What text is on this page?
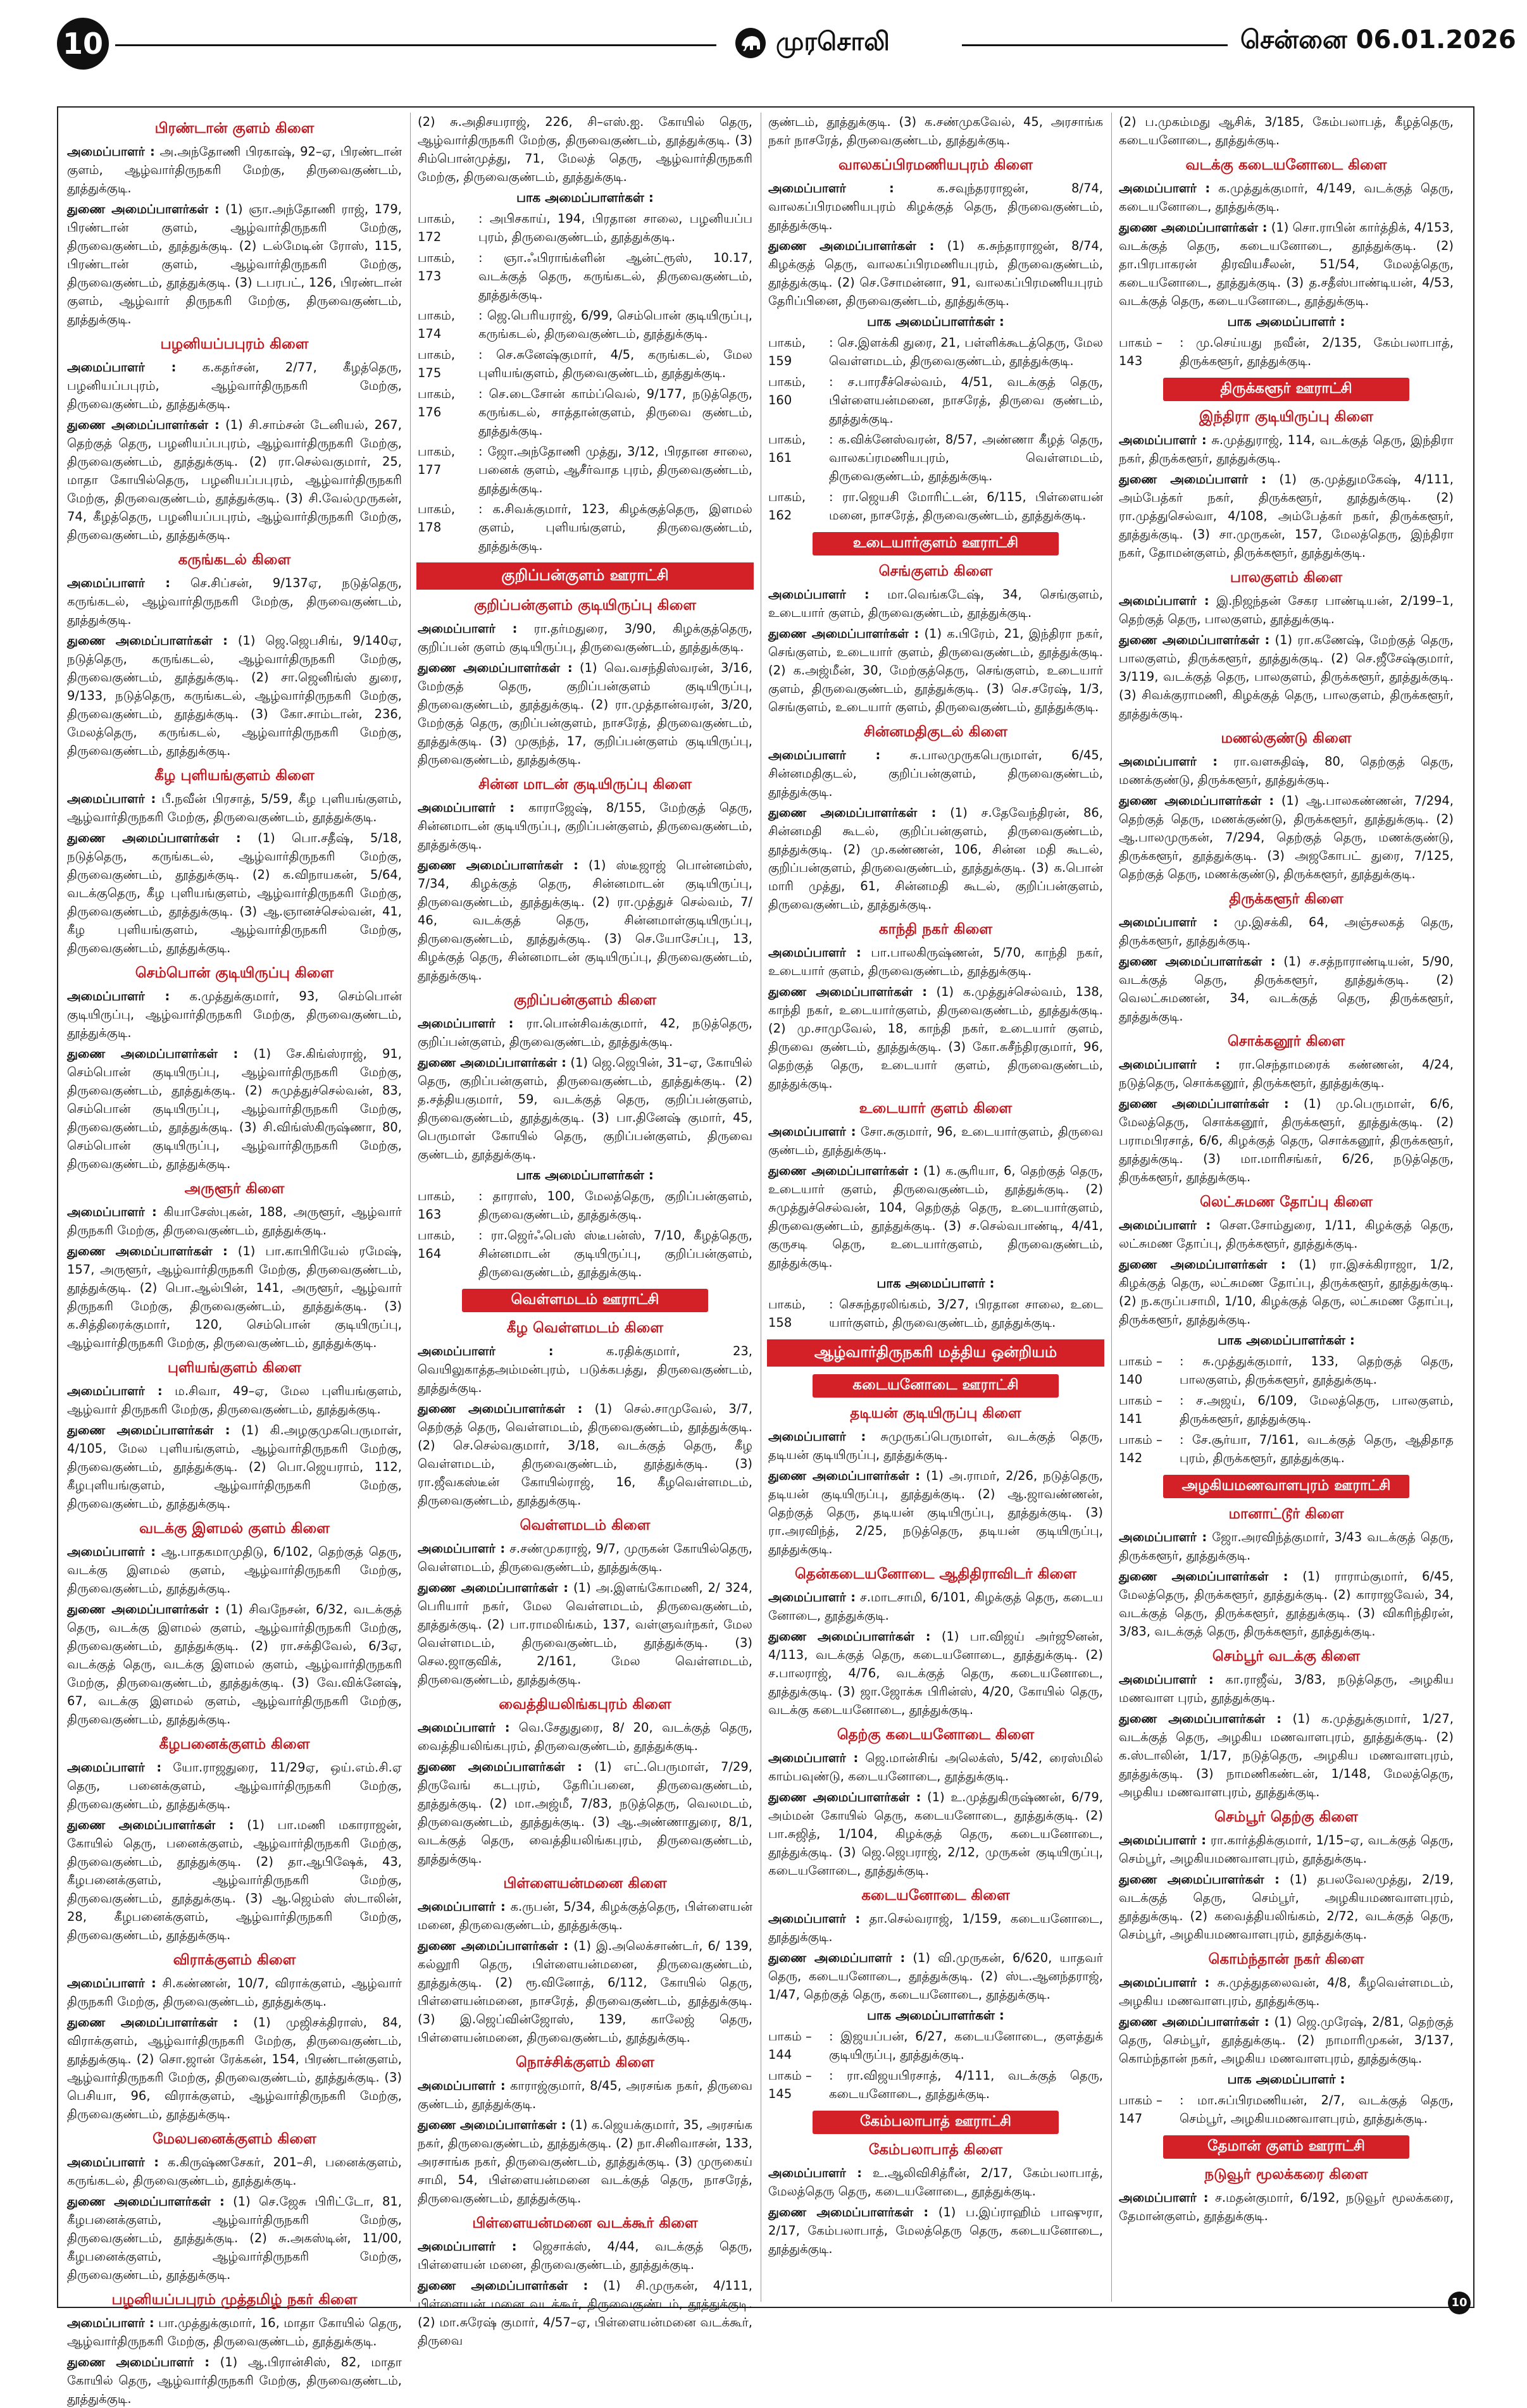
10	முரசொலி	சென்னை 06.01.2026
பிரண்டான் குளம் கிளை
அமைப்பாளர் : அ.அந்தோணி பிரகாஷ், 92–ஏ, பிரண்டான் குளம், ஆழ்வார்திருநகரி மேற்கு, திருவைகுண்டம், தூத்துக்குடி.
துணை அமைப்பாளர்கள் : (1) ஞா.அந்தோணி ராஜ், 179, பிரண்டான் குளம், ஆழ்வார்திருநகரி மேற்கு, திருவைகுண்டம், தூத்துக்குடி. (2) டல்மேடின் ரோஸ், 115, பிரண்டான் குளம், ஆழ்வார்திருநகரி மேற்கு, திருவைகுண்டம், தூத்துக்குடி. (3) டபரபட், 126, பிரண்டான் குளம், ஆழ்வார் திருநகரி மேற்கு, திருவைகுண்டம், தூத்துக்குடி.
பழனியப்பபுரம் கிளை
அமைப்பாளர் : க.கதர்சன், 2/77, கீழத்தெரு, பழனியப்பபுரம், ஆழ்வார்திருநகரி மேற்கு, திருவைகுண்டம், தூத்துக்குடி.
துணை அமைப்பாளர்கள் : (1) சி.சாம்சன் டேனியல், 267, தெற்குத் தெரு, பழனியப்பபுரம், ஆழ்வார்திருநகரி மேற்கு, திருவைகுண்டம், தூத்துக்குடி. (2) ரா.செல்வகுமார், 25, மாதா கோயில்தெரு, பழனியப்பபுரம், ஆழ்வார்திருநகரி மேற்கு, திருவைகுண்டம், தூத்துக்குடி. (3) சி.வேல்முருகன், 74, கீழத்தெரு, பழனியப்பபுரம், ஆழ்வார்திருநகரி மேற்கு, திருவைகுண்டம், தூத்துக்குடி.
கருங்கடல் கிளை
அமைப்பாளர் : செ.சிப்சன், 9/137ஏ, நடுத்தெரு, கருங்கடல், ஆழ்வார்திருநகரி மேற்கு, திருவைகுண்டம், தூத்துக்குடி.
துணை அமைப்பாளர்கள் : (1) ஜெ.ஜெபசிங், 9/140ஏ, நடுத்தெரு, கருங்கடல், ஆழ்வார்திருநகரி மேற்கு, திருவைகுண்டம், தூத்துக்குடி. (2) சா.ஜெனிங்ஸ் துரை, 9/133, நடுத்தெரு, கருங்கடல், ஆழ்வார்திருநகரி மேற்கு, திருவைகுண்டம், தூத்துக்குடி. (3) கோ.சாம்டான், 236, மேலத்தெரு, கருங்கடல், ஆழ்வார்திருநகரி மேற்கு, திருவைகுண்டம், தூத்துக்குடி.
கீழ புளியங்குளம் கிளை
அமைப்பாளர் : பீ.நவீன் பிரசாத், 5/59, கீழ புளியங்குளம், ஆழ்வார்திருநகரி மேற்கு, திருவைகுண்டம், தூத்துக்குடி.
துணை அமைப்பாளர்கள் : (1) பொ.சதீஷ், 5/18, நடுத்தெரு, கருங்கடல், ஆழ்வார்திருநகரி மேற்கு, திருவைகுண்டம், தூத்துக்குடி. (2) க.விநாயகன், 5/64, வடக்குதெரு, கீழ புளியங்குளம், ஆழ்வார்திருநகரி மேற்கு, திருவைகுண்டம், தூத்துக்குடி. (3) ஆ.ஞானச்செல்வன், 41, கீழ புளியங்குளம், ஆழ்வார்திருநகரி மேற்கு, திருவைகுண்டம், தூத்துக்குடி.
செம்பொன் குடியிருப்பு கிளை
அமைப்பாளர் : க.முத்துக்குமார், 93, செம்பொன் குடியிருப்பு, ஆழ்வார்திருநகரி மேற்கு, திருவைகுண்டம், தூத்துக்குடி.
துணை அமைப்பாளர்கள் : (1) சே.கிங்ஸ்ராஜ், 91, செம்பொன் குடியிருப்பு, ஆழ்வார்திருநகரி மேற்கு, திருவைகுண்டம், தூத்துக்குடி. (2) சுமுத்துச்செல்வன், 83, செம்பொன் குடியிருப்பு, ஆழ்வார்திருநகரி மேற்கு, திருவைகுண்டம், தூத்துக்குடி. (3) சி.விங்ஸ்கிருஷ்ணா, 80, செம்பொன் குடியிருப்பு, ஆழ்வார்திருநகரி மேற்கு, திருவைகுண்டம், தூத்துக்குடி.
அருளூர் கிளை
அமைப்பாளர் : கியாசேஸ்புகன், 188, அருளூர், ஆழ்வார் திருநகரி மேற்கு, திருவைகுண்டம், தூத்துக்குடி.
துணை அமைப்பாளர்கள் : (1) பா.காபிரியேல் ரமேஷ், 157, அருளூர், ஆழ்வார்திருநகரி மேற்கு, திருவைகுண்டம், தூத்துக்குடி. (2) பொ.ஆல்பின், 141, அருளூர், ஆழ்வார் திருநகரி மேற்கு, திருவைகுண்டம், தூத்துக்குடி. (3) க.சித்திரைக்குமார், 120, செம்பொன் குடியிருப்பு, ஆழ்வார்திருநகரி மேற்கு, திருவைகுண்டம், தூத்துக்குடி.
புளியங்குளம் கிளை
அமைப்பாளர் : ம.சிவா, 49–ஏ, மேல புளியங்குளம், ஆழ்வார் திருநகரி மேற்கு, திருவைகுண்டம், தூத்துக்குடி.
துணை அமைப்பாளர்கள் : (1) கி.அழகுமுகபெருமாள், 4/105, மேல புளியங்குளம், ஆழ்வார்திருநகரி மேற்கு, திருவைகுண்டம், தூத்துக்குடி. (2) பொ.ஜெயராம், 112, கீழபுளியங்குளம், ஆழ்வார்திருநகரி மேற்கு, திருவைகுண்டம், தூத்துக்குடி.
வடக்கு இளமல் குளம் கிளை
அமைப்பாளர் : ஆ.பாதகமாமுதிடு, 6/102, தெற்குத் தெரு, வடக்கு இளமல் குளம், ஆழ்வார்திருநகரி மேற்கு, திருவைகுண்டம், தூத்துக்குடி.
துணை அமைப்பாளர்கள் : (1) சிவநேசன், 6/32, வடக்குத் தெரு, வடக்கு இளமல் குளம், ஆழ்வார்திருநகரி மேற்கு, திருவைகுண்டம், தூத்துக்குடி. (2) ரா.சக்திவேல், 6/3ஏ, வடக்குத் தெரு, வடக்கு இளமல் குளம், ஆழ்வார்திருநகரி மேற்கு, திருவைகுண்டம், தூத்துக்குடி. (3) வே.விக்னேஷ், 67, வடக்கு இளமல் குளம், ஆழ்வார்திருநகரி மேற்கு, திருவைகுண்டம், தூத்துக்குடி.
கீழபனைக்குளம் கிளை
அமைப்பாளர் : யோ.ராஜதுரை, 11/29ஏ, ஒய்.எம்.சி.ஏ தெரு, பனைக்குளம், ஆழ்வார்திருநகரி மேற்கு, திருவைகுண்டம், தூத்துக்குடி.
துணை அமைப்பாளர்கள் : (1) பா.மணி மகாராஜன், கோயில் தெரு, பனைக்குளம், ஆழ்வார்திருநகரி மேற்கு, திருவைகுண்டம், தூத்துக்குடி. (2) தா.ஆபிஷேக், 43, கீழபனைக்குளம், ஆழ்வார்திருநகரி மேற்கு, திருவைகுண்டம், தூத்துக்குடி. (3) ஆ.ஜெம்ஸ் ஸ்டாலின், 28, கீழபனைக்குளம், ஆழ்வார்திருநகரி மேற்கு, திருவைகுண்டம், தூத்துக்குடி.
விராக்குளம் கிளை
அமைப்பாளர் : சி.கண்ணன், 10/7, விராக்குளம், ஆழ்வார் திருநகரி மேற்கு, திருவைகுண்டம், தூத்துக்குடி.
துணை அமைப்பாளர்கள் : (1) முஜிசக்திராஸ், 84, விராக்குளம், ஆழ்வார்திருநகரி மேற்கு, திருவைகுண்டம், தூத்துக்குடி. (2) சொ.ஜான் ரேக்கன், 154, பிரண்டான்குளம், ஆழ்வார்திருநகரி மேற்கு, திருவைகுண்டம், தூத்துக்குடி. (3) பெசியா, 96, விராக்குளம், ஆழ்வார்திருநகரி மேற்கு, திருவைகுண்டம், தூத்துக்குடி.
மேலபனைக்குளம் கிளை
அமைப்பாளர் : க.கிருஷ்ணசேகர், 201–சி, பனைக்குளம், கருங்கடல், திருவைகுண்டம், தூத்துக்குடி.
துணை அமைப்பாளர்கள் : (1) செ.ஜேசு பிரிட்டோ, 81, கீழபனைக்குளம், ஆழ்வார்திருநகரி மேற்கு, திருவைகுண்டம், தூத்துக்குடி. (2) சு.அகஸ்டின், 11/00, கீழபனைக்குளம், ஆழ்வார்திருநகரி மேற்கு, திருவைகுண்டம், தூத்துக்குடி.
பழனியப்பபுரம் முத்தமிழ் நகர் கிளை
அமைப்பாளர் : பா.முத்துக்குமார், 16, மாதா கோயில் தெரு, ஆழ்வார்திருநகரி மேற்கு, திருவைகுண்டம், தூத்துக்குடி.
துணை அமைப்பாளர் : (1) ஆ.பிரான்சிஸ், 82, மாதா கோயில் தெரு, ஆழ்வார்திருநகரி மேற்கு, திருவைகுண்டம், தூத்துக்குடி.
(2) சு.அதிசயராஜ், 226, சி–எஸ்.ஐ. கோயில் தெரு, ஆழ்வார்திருநகரி மேற்கு, திருவைகுண்டம், தூத்துக்குடி. (3) சிம்பொன்முத்து, 71, மேலத் தெரு, ஆழ்வார்திருநகரி மேற்கு, திருவைகுண்டம், தூத்துக்குடி.
பாக அமைப்பாளர்கள் :
பாகம், 172
: அபிசகாய், 194, பிரதான சாலை, பழனியப்ப புரம், திருவைகுண்டம், தூத்துக்குடி.
பாகம், 173
: ஞா.ஃபிராங்க்ளின் ஆன்ட்ரூஸ், 10.17, வடக்குத் தெரு, கருங்கடல், திருவைகுண்டம், தூத்துக்குடி.
பாகம், 174
: ஜெ.பெரியராஜ், 6/99, செம்பொன் குடியிருப்பு, கருங்கடல், திருவைகுண்டம், தூத்துக்குடி.
பாகம், 175
: செ.சுனேஷ்குமார், 4/5, கருங்கடல், மேல புளியங்குளம், திருவைகுண்டம், தூத்துக்குடி.
பாகம், 176
: செ.டைசோன் காம்ப்வெல், 9/177, நடுத்தெரு, கருங்கடல், சாத்தான்குளம், திருவை குண்டம், தூத்துக்குடி.
பாகம், 177
: ஜோ.அந்தோணி முத்து, 3/12, பிரதான சாலை, பனைக் குளம், ஆசீர்வாத புரம், திருவைகுண்டம், தூத்துக்குடி.
பாகம், 178
: க.சிவக்குமார், 123, கிழக்குத்தெரு, இளமல் குளம், புளியங்குளம், திருவைகுண்டம், தூத்துக்குடி.
குறிப்பன்குளம் ஊராட்சி
குறிப்பன்குளம் குடியிருப்பு கிளை
அமைப்பாளர் : ரா.தர்மதுரை, 3/90, கிழக்குத்தெரு, குறிப்பன் குளம் குடியிருப்பு, திருவைகுண்டம், தூத்துக்குடி.
துணை அமைப்பாளர்கள் : (1) வெ.வசந்திஸ்வரன், 3/16, மேற்குத் தெரு, குறிப்பன்குளம் குடியிருப்பு, திருவைகுண்டம், தூத்துக்குடி. (2) ரா.முத்தான்வரன், 3/20, மேற்குத் தெரு, குறிப்பன்குளம், நாசரேத், திருவைகுண்டம், தூத்துக்குடி. (3) முகுந்த், 17, குறிப்பன்குளம் குடியிருப்பு, திருவைகுண்டம், தூத்துக்குடி.
சின்ன மாடன் குடியிருப்பு கிளை
அமைப்பாளர் : காராஜேஷ், 8/155, மேற்குத் தெரு, சின்னமாடன் குடியிருப்பு, குறிப்பன்குளம், திருவைகுண்டம், தூத்துக்குடி.
துணை அமைப்பாளர்கள் : (1) ஸ்டீஜாஜ் பொன்னம்ஸ், 7/34, கிழக்குத் தெரு, சின்னமாடன் குடியிருப்பு, திருவைகுண்டம், தூத்துக்குடி. (2) ரா.முத்துச் செல்வம், 7/ 46, வடக்குத் தெரு, சின்னமாள்குடியிருப்பு, திருவைகுண்டம், தூத்துக்குடி. (3) செ.யோசேப்பு, 13, கிழக்குத் தெரு, சின்னமாடன் குடியிருப்பு, திருவைகுண்டம், தூத்துக்குடி.
குறிப்பன்குளம் கிளை
அமைப்பாளர் : ரா.பொன்சிவக்குமார், 42, நடுத்தெரு, குறிப்பன்குளம், திருவைகுண்டம், தூத்துக்குடி.
துணை அமைப்பாளர்கள் : (1) ஜெ.ஜெபின், 31–ஏ, கோயில் தெரு, குறிப்பன்குளம், திருவைகுண்டம், தூத்துக்குடி. (2) த.சத்தியகுமார், 59, வடக்குத் தெரு, குறிப்பன்குளம், திருவைகுண்டம், தூத்துக்குடி. (3) பா.தினேஷ் குமார், 45, பெருமாள் கோயில் தெரு, குறிப்பன்குளம், திருவை குண்டம், தூத்துக்குடி.
பாக அமைப்பாளர்கள் :
பாகம், 163
: தாராஸ், 100, மேலத்தெரு, குறிப்பன்குளம், திருவைகுண்டம், தூத்துக்குடி.
பாகம், 164
: ரா.ஜெர்ஃபெஸ் ஸ்டீபன்ஸ், 7/10, கீழத்தெரு, சின்னமாடன் குடியிருப்பு, குறிப்பன்குளம், திருவைகுண்டம், தூத்துக்குடி.
வெள்ளமடம் ஊராட்சி
கீழ வெள்ளமடம் கிளை
அமைப்பாளர் : க.ரதிக்குமார், 23, வெயிலுகாத்தஅம்மன்புரம், படுக்கபத்து, திருவைகுண்டம், தூத்துக்குடி.
துணை அமைப்பாளர்கள் : (1) செல்.சாமுவேல், 3/7, தெற்குத் தெரு, வெள்ளமடம், திருவைகுண்டம், தூத்துக்குடி. (2) செ.செல்வகுமார், 3/18, வடக்குத் தெரு, கீழ வெள்ளமடம், திருவைகுண்டம், தூத்துக்குடி. (3) ரா.ஜீவகஸ்டீன் கோயில்ராஜ், 16, கீழவெள்ளமடம், திருவைகுண்டம், தூத்துக்குடி.
வெள்ளமடம் கிளை
அமைப்பாளர் : ச.சண்முகராஜ், 9/7, முருகன் கோயில்தெரு, வெள்ளமடம், திருவைகுண்டம், தூத்துக்குடி.
துணை அமைப்பாளர்கள் : (1) அ.இளங்கோமணி, 2/ 324, பெரியார் நகர், மேல வெள்ளமடம், திருவைகுண்டம், தூத்துக்குடி. (2) பா.ராமலிங்கம், 137, வள்ளுவர்நகர், மேல வெள்ளமடம், திருவைகுண்டம், தூத்துக்குடி. (3) செல.ஜாகுவிக், 2/161, மேல வெள்ளமடம், திருவைகுண்டம், தூத்துக்குடி.
வைத்தியலிங்கபுரம் கிளை
அமைப்பாளர் : வெ.சேதுதுரை, 8/ 20, வடக்குத் தெரு, வைத்தியலிங்கபுரம், திருவைகுண்டம், தூத்துக்குடி.
துணை அமைப்பாளர்கள் : (1) எட்.பெருமாள், 7/29, திருவேங் கடபுரம், தேரிப்பனை, திருவைகுண்டம், தூத்துக்குடி. (2) மா.அஜ்மீ, 7/83, நடுத்தெரு, வெலமடம், திருவைகுண்டம், தூத்துக்குடி. (3) ஆ.அண்ணாதுரை, 8/1, வடக்குத் தெரு, வைத்தியலிங்கபுரம், திருவைகுண்டம், தூத்துக்குடி.
பிள்ளையன்மனை கிளை
அமைப்பாளர் : க.ருபன், 5/34, கிழக்குத்தெரு, பிள்ளையன் மனை, திருவைகுண்டம், தூத்துக்குடி.
துணை அமைப்பாளர்கள் : (1) இ.அலெக்சாண்டர், 6/ 139, கல்லூரி தெரு, பிள்ளையன்மனை, திருவைகுண்டம், தூத்துக்குடி. (2) ரூ.வினோத், 6/112, கோயில் தெரு, பிள்ளையன்மனை, நாசரேத், திருவைகுண்டம், தூத்துக்குடி. (3) இ.ஜெப்வின்ஜோஸ், 139, காலேஜ் தெரு, பிள்ளையன்மனை, திருவைகுண்டம், தூத்துக்குடி.
நொச்சிக்குளம் கிளை
அமைப்பாளர் : காராஜ்குமார், 8/45, அரசங்க நகர், திருவை குண்டம், தூத்துக்குடி.
துணை அமைப்பாளர்கள் : (1) க.ஜெயக்குமார், 35, அரசங்க நகர், திருவைகுண்டம், தூத்துக்குடி. (2) நா.சினிவாசன், 133, அரசாங்க நகர், திருவைகுண்டம், தூத்துக்குடி. (3) முருகைய் சாமி, 54, பிள்ளையன்மனை வடக்குத் தெரு, நாசரேத், திருவைகுண்டம், தூத்துக்குடி.
பிள்ளையன்மனை வடக்கூர் கிளை
அமைப்பாளர் : ஜெசாக்ஸ், 4/44, வடக்குத் தெரு, பிள்ளையன் மனை, திருவைகுண்டம், தூத்துக்குடி.
துணை அமைப்பாளர்கள் : (1) சி.முருகன், 4/111, பிள்ளையன் மனை வடக்கூர், திருவைகுண்டம், தூத்துக்குடி. (2) மா.சுரேஷ் குமார், 4/57–ஏ, பிள்ளையன்மனை வடக்கூர், திருவை
குண்டம், தூத்துக்குடி. (3) க.சண்முகவேல், 45, அரசாங்க நகர் நாசரேத், திருவைகுண்டம், தூத்துக்குடி.
வாலகப்பிரமணியபுரம் கிளை
அமைப்பாளர் : க.சவுந்தரராஜன், 8/74, வாலகப்பிரமணியபுரம் கிழக்குத் தெரு, திருவைகுண்டம், தூத்துக்குடி.
துணை அமைப்பாளர்கள் : (1) க.சுந்தாராஜன், 8/74, கிழக்குத் தெரு, வாலகப்பிரமணியபுரம், திருவைகுண்டம், தூத்துக்குடி. (2) செ.சோமன்னா, 91, வாலகப்பிரமணியபுரம் தேரிப்பினை, திருவைகுண்டம், தூத்துக்குடி.
பாக அமைப்பாளர்கள் :
பாகம், 159
: செ.இளக்கி துரை, 21, பள்ளிக்கூடத்தெரு, மேல வெள்ளமடம், திருவைகுண்டம், தூத்துக்குடி.
பாகம், 160
: ச.பாரசீச்செல்வம், 4/51, வடக்குத் தெரு, பிள்ளையன்மனை, நாசரேத், திருவை குண்டம், தூத்துக்குடி.
பாகம், 161
: க.விக்னேஸ்வரன், 8/57, அண்ணா கீழத் தெரு, வாலகப்ரமணியபுரம், வெள்ளமடம், திருவைகுண்டம், தூத்துக்குடி.
பாகம், 162
: ரா.ஜெயசி மோரிட்டன், 6/115, பிள்ளையன் மனை, நாசரேத், திருவைகுண்டம், தூத்துக்குடி.
உடையார்குளம் ஊராட்சி
செங்குளம் கிளை
அமைப்பாளர் : மா.வெங்கடேஷ், 34, செங்குளம், உடையார் குளம், திருவைகுண்டம், தூத்துக்குடி.
துணை அமைப்பாளர்கள் : (1) க.பிரேம், 21, இந்திரா நகர், செங்குளம், உடையார் குளம், திருவைகுண்டம், தூத்துக்குடி. (2) க.அஜ்மீன், 30, மேற்குத்தெரு, செங்குளம், உடையார் குளம், திருவைகுண்டம், தூத்துக்குடி. (3) செ.சரேஷ், 1/3, செங்குளம், உடையார் குளம், திருவைகுண்டம், தூத்துக்குடி.
சின்னமதிகுடல் கிளை
அமைப்பாளர் : சு.பாலமுருகபெருமாள், 6/45, சின்னமதிகுடல், குறிப்பன்குளம், திருவைகுண்டம், தூத்துக்குடி.
துணை அமைப்பாளர்கள் : (1) ச.தேவேந்திரன், 86, சின்னமதி கூடல், குறிப்பன்குளம், திருவைகுண்டம், தூத்துக்குடி. (2) மு.கண்ணன், 106, சின்ன மதி கூடல், குறிப்பன்குளம், திருவைகுண்டம், தூத்துக்குடி. (3) க.பொன் மாரி முத்து, 61, சின்னமதி கூடல், குறிப்பன்குளம், திருவைகுண்டம், தூத்துக்குடி.
காந்தி நகர் கிளை
அமைப்பாளர் : பா.பாலகிருஷ்ணன், 5/70, காந்தி நகர், உடையார் குளம், திருவைகுண்டம், தூத்துக்குடி.
துணை அமைப்பாளர்கள் : (1) க.முத்துச்செல்வம், 138, காந்தி நகர், உடையார்குளம், திருவைகுண்டம், தூத்துக்குடி. (2) மு.சாமுவேல், 18, காந்தி நகர், உடையார் குளம், திருவை குண்டம், தூத்துக்குடி. (3) கோ.சுசீந்திரகுமார், 96, தெற்குத் தெரு, உடையார் குளம், திருவைகுண்டம், தூத்துக்குடி.
உடையார் குளம் கிளை
அமைப்பாளர் : சோ.சுகுமார், 96, உடையார்குளம், திருவை குண்டம், தூத்துக்குடி.
துணை அமைப்பாளர்கள் : (1) க.சூரியா, 6, தெற்குத் தெரு, உடையார் குளம், திருவைகுண்டம், தூத்துக்குடி. (2) சுமுத்துச்செல்வன், 104, தெற்குத் தெரு, உடையார்குளம், திருவைகுண்டம், தூத்துக்குடி. (3) ச.செல்வபாண்டி, 4/41, குருசடி தெரு, உடையார்குளம், திருவைகுண்டம், தூத்துக்குடி.
பாக அமைப்பாளர் :
பாகம், 158
: செசுந்தரலிங்கம், 3/27, பிரதான சாலை, உடை யார்குளம், திருவைகுண்டம், தூத்துக்குடி.
ஆழ்வார்திருநகரி மத்திய ஒன்றியம்
கடையனோடை ஊராட்சி
தடியன் குடியிருப்பு கிளை
அமைப்பாளர் : சுமுருகப்பெருமாள், வடக்குத் தெரு, தடியன் குடியிருப்பு, தூத்துக்குடி.
துணை அமைப்பாளர்கள் : (1) அ.ராமர், 2/26, நடுத்தெரு, தடியன் குடியிருப்பு, தூத்துக்குடி. (2) ஆ.ஜாவண்ணன், தெற்குத் தெரு, தடியன் குடியிருப்பு, தூத்துக்குடி. (3) ரா.அரவிந்த், 2/25, நடுத்தெரு, தடியன் குடியிருப்பு, தூத்துக்குடி.
தென்கடையனோடை ஆதிதிராவிடர் கிளை
அமைப்பாளர் : ச.மாடசாமி, 6/101, கிழக்குத் தெரு, கடைய னோடை, தூத்துக்குடி.
துணை அமைப்பாளர்கள் : (1) பா.விஜய் அர்ஜூனன், 4/113, வடக்குத் தெரு, கடையனோடை, தூத்துக்குடி. (2) ச.பாலராஜ், 4/76, வடக்குத் தெரு, கடையனோடை, தூத்துக்குடி. (3) ஜா.ஜோக்சு பிரின்ஸ், 4/20, கோயில் தெரு, வடக்கு கடையனோடை, தூத்துக்குடி.
தெற்கு கடையனோடை கிளை
அமைப்பாளர் : ஜெ.மான்சிங் அலெக்ஸ், 5/42, ரைஸ்மில் காம்பவுண்டு, கடையனோடை, தூத்துக்குடி.
துணை அமைப்பாளர்கள் : (1) உ.முத்துகிருஷ்ணன், 6/79, அம்மன் கோயில் தெரு, கடையனோடை, தூத்துக்குடி. (2) பா.சுஜித், 1/104, கிழக்குத் தெரு, கடையனோடை, தூத்துக்குடி. (3) ஜெ.ஜெபராஜ், 2/12, முருகன் குடியிருப்பு, கடையனோடை, தூத்துக்குடி.
கடையனோடை கிளை
அமைப்பாளர் : தா.செல்வராஜ், 1/159, கடையனோடை, தூத்துக்குடி.
துணை அமைப்பாளர் : (1) வி.முருகன், 6/620, யாதவர் தெரு, கடையனோடை, தூத்துக்குடி. (2) ஸ்ட.ஆனந்தராஜ், 1/47, தெற்குத் தெரு, கடையனோடை, தூத்துக்குடி.
பாக அமைப்பாளர்கள் :
பாகம் – 144
: இஜயப்பன், 6/27, கடையனோடை, குளத்துக் குடியிருப்பு, தூத்துக்குடி.
பாகம் – 145
: ரா.விஜயபிரசாத், 4/111, வடக்குத் தெரு, கடையனோடை, தூத்துக்குடி.
கேம்பலாபாத் ஊராட்சி
கேம்பலாபாத் கிளை
அமைப்பாளர் : உ.ஆலிவிசித்ரீன், 2/17, கேம்பலாபாத், மேலத்தெரு தெரு, கடையனோடை, தூத்துக்குடி.
துணை அமைப்பாளர்கள் : (1) ப.இப்ராஹிம் பாஷுரா, 2/17, கேம்பலாபாத், மேலத்தெரு தெரு, கடையனோடை, தூத்துக்குடி.
(2) ப.முகம்மது ஆசிக், 3/185, கேம்பலாபத், கீழத்தெரு, கடையனோடை, தூத்துக்குடி.
வடக்கு கடையனோடை கிளை
அமைப்பாளர் : க.முத்துக்குமார், 4/149, வடக்குத் தெரு, கடையனோடை, தூத்துக்குடி.
துணை அமைப்பாளர்கள் : (1) சொ.ராபின் கார்த்திக், 4/153, வடக்குத் தெரு, கடையனோடை, தூத்துக்குடி. (2) தா.பிரபாகரன் திரவியசீலன், 51/54, மேலத்தெரு, கடையனோடை, தூத்துக்குடி. (3) த.சதீஸ்பாண்டியன், 4/53, வடக்குத் தெரு, கடையனோடை, தூத்துக்குடி.
பாக அமைப்பாளர் :
பாகம் – 143
: மு.செய்யது நவீன், 2/135, கேம்பலாபாத், திருக்களூர், தூத்துக்குடி.
திருக்களூர் ஊராட்சி
இந்திரா குடியிருப்பு கிளை
அமைப்பாளர் : சு.முத்துராஜ், 114, வடக்குத் தெரு, இந்திரா நகர், திருக்களூர், தூத்துக்குடி.
துணை அமைப்பாளர் : (1) கு.முத்துமகேஷ், 4/111, அம்பேத்கர் நகர், திருக்களூர், தூத்துக்குடி. (2) ரா.முத்துசெல்வா, 4/108, அம்பேத்கர் நகர், திருக்களூர், தூத்துக்குடி. (3) சா.முருகன், 157, மேலத்தெரு, இந்திரா நகர், தோமன்குளம், திருக்களூர், தூத்துக்குடி.
பாலகுளம் கிளை
அமைப்பாளர் : இ.நிஜந்தன் சேகர பாண்டியன், 2/199–1, தெற்குத் தெரு, பாலகுளம், தூத்துக்குடி.
துணை அமைப்பாளர்கள் : (1) ரா.கணேஷ், மேற்குத் தெரு, பாலகுளம், திருக்களூர், தூத்துக்குடி. (2) செ.ஜீசேஷ்குமார், 3/119, வடக்குத் தெரு, பாலகுளம், திருக்களூர், தூத்துக்குடி. (3) சிவக்குராமணி, கிழக்குத் தெரு, பாலகுளம், திருக்களூர், தூத்துக்குடி.
மணல்குண்டு கிளை
அமைப்பாளர் : ரா.வளசுதிஷ், 80, தெற்குத் தெரு, மணக்குண்டு, திருக்களூர், தூத்துக்குடி.
துணை அமைப்பாளர்கள் : (1) ஆ.பாலகண்ணன், 7/294, தெற்குத் தெரு, மணக்குண்டு, திருக்களூர், தூத்துக்குடி. (2) ஆ.பாலமுருகன், 7/294, தெற்குத் தெரு, மணக்குண்டு, திருக்களூர், தூத்துக்குடி. (3) அஜகோபட் துரை, 7/125, தெற்குத் தெரு, மணக்குண்டு, திருக்களூர், தூத்துக்குடி.
திருக்களூர் கிளை
அமைப்பாளர் : மு.இசக்கி, 64, அஞ்சலகத் தெரு, திருக்களூர், தூத்துக்குடி.
துணை அமைப்பாளர்கள் : (1) ச.சத்நாராண்டியன், 5/90, வடக்குத் தெரு, திருக்களூர், தூத்துக்குடி. (2) வெலட்சுமணன், 34, வடக்குத் தெரு, திருக்களூர், தூத்துக்குடி.
சொக்கனூர் கிளை
அமைப்பாளர் : ரா.செந்தாமரைக் கண்ணன், 4/24, நடுத்தெரு, சொக்கனூர், திருக்களூர், தூத்துக்குடி.
துணை அமைப்பாளர்கள் : (1) மு.பெருமாள், 6/6, மேலத்தெரு, சொக்கனூர், திருக்களூர், தூத்துக்குடி. (2) பராமபிரசாத், 6/6, கிழக்குத் தெரு, சொக்கனூர், திருக்களூர், தூத்துக்குடி. (3) மா.மாரிசங்கர், 6/26, நடுத்தெரு, திருக்களூர், தூத்துக்குடி.
லெட்சுமண தோப்பு கிளை
அமைப்பாளர் : செள.சோம்துரை, 1/11, கிழக்குத் தெரு, லட்சுமண தோப்பு, திருக்களூர், தூத்துக்குடி.
துணை அமைப்பாளர்கள் : (1) ரா.இசக்கிராஜா, 1/2, கிழக்குத் தெரு, லட்சுமண தோப்பு, திருக்களூர், தூத்துக்குடி. (2) ந.கருப்பசாமி, 1/10, கிழக்குத் தெரு, லட்சுமண தோப்பு, திருக்களூர், தூத்துக்குடி.
பாக அமைப்பாளர்கள் :
பாகம் – 140
: சு.முத்துக்குமார், 133, தெற்குத் தெரு, பாலகுளம், திருக்களூர், தூத்துக்குடி.
பாகம் – 141
: ச.அஜய், 6/109, மேலத்தெரு, பாலகுளம், திருக்களூர், தூத்துக்குடி.
பாகம் – 142
: சே.சூர்யா, 7/161, வடக்குத் தெரு, ஆதிதாத புரம், திருக்களூர், தூத்துக்குடி.
அழகியமணவாளபுரம் ஊராட்சி
மானாட்டூர் கிளை
அமைப்பாளர் : ஜோ.அரவிந்த்குமார், 3/43 வடக்குத் தெரு, திருக்களூர், தூத்துக்குடி.
துணை அமைப்பாளர்கள் : (1) ராராம்குமார், 6/45, மேலத்தெரு, திருக்களூர், தூத்துக்குடி. (2) காராஜவேல், 34, வடக்குத் தெரு, திருக்களூர், தூத்துக்குடி. (3) விகரிந்திரன், 3/83, வடக்குத் தெரு, திருக்களூர், தூத்துக்குடி.
செம்பூர் வடக்கு கிளை
அமைப்பாளர் : கா.ராஜீவ், 3/83, நடுத்தெரு, அழகிய மணவாள புரம், தூத்துக்குடி.
துணை அமைப்பாளர்கள் : (1) க.முத்துக்குமார், 1/27, வடக்குத் தெரு, அழகிய மணவாளபுரம், தூத்துக்குடி. (2) க.ஸ்டாலின், 1/17, நடுத்தெரு, அழகிய மணவாளபுரம், தூத்துக்குடி. (3) நாமணிகண்டன், 1/148, மேலத்தெரு, அழகிய மணவாளபுரம், தூத்துக்குடி.
செம்பூர் தெற்கு கிளை
அமைப்பாளர் : ரா.கார்த்திக்குமார், 1/15–ஏ, வடக்குத் தெரு, செம்பூர், அழகியமணவாளபுரம், தூத்துக்குடி.
துணை அமைப்பாளர்கள் : (1) தபலவேலமுத்து, 2/19, வடக்குத் தெரு, செம்பூர், அழகியமணவாளபுரம், தூத்துக்குடி. (2) கவைத்தியலிங்கம், 2/72, வடக்குத் தெரு, செம்பூர், அழகியமணவாளபுரம், தூத்துக்குடி.
கொம்ந்தான் நகர் கிளை
அமைப்பாளர் : சு.முத்துதலைவன், 4/8, கீழவெள்ளமடம், அழகிய மணவாளபுரம், தூத்துக்குடி.
துணை அமைப்பாளர்கள் : (1) ஜெ.முரேஷ், 2/81, தெற்குத் தெரு, செம்பூர், தூத்துக்குடி. (2) நாமாரிமுகன், 3/137, கொம்ந்தான் நகர், அழகிய மணவாளபுரம், தூத்துக்குடி.
பாக அமைப்பாளர் :
பாகம் – 147
: மா.சுப்பிரமணியன், 2/7, வடக்குத் தெரு, செம்பூர், அழகியமணவாளபுரம், தூத்துக்குடி.
தேமான் குளம் ஊராட்சி
நடுவூர் மூலக்கரை கிளை
அமைப்பாளர் : ச.மதன்குமார், 6/192, நடுவூர் மூலக்கரை, தேமான்குளம், தூத்துக்குடி.
10
